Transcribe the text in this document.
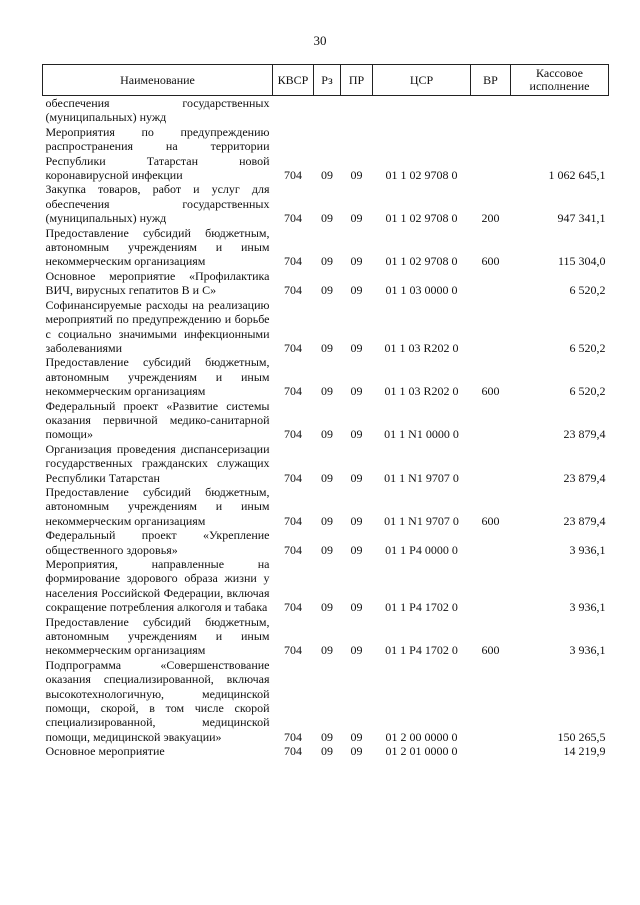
30
Наименование	КВСР	Рз	ПР	ЦСР	ВР	Кассовое исполнение
обеспечения государственных (муниципальных) нужд						
Мероприятия по предупреждению распространения на территории Республики Татарстан новой коронавирусной инфекции	704	09	09	01 1 02 9708 0		1 062 645,1
Закупка товаров, работ и услуг для обеспечения государственных (муниципальных) нужд	704	09	09	01 1 02 9708 0	200	947 341,1
Предоставление субсидий бюджетным, автономным учреждениям и иным некоммерческим организациям	704	09	09	01 1 02 9708 0	600	115 304,0
Основное мероприятие «Профилактика ВИЧ, вирусных гепатитов В и С»	704	09	09	01 1 03 0000 0		6 520,2
Софинансируемые расходы на реализацию мероприятий по предупреждению и борьбе с социально значимыми инфекционными заболеваниями	704	09	09	01 1 03 R202 0		6 520,2
Предоставление субсидий бюджетным, автономным учреждениям и иным некоммерческим организациям	704	09	09	01 1 03 R202 0	600	6 520,2
Федеральный проект «Развитие системы оказания первичной медико-санитарной помощи»	704	09	09	01 1 N1 0000 0		23 879,4
Организация проведения диспансеризации государственных гражданских служащих Республики Татарстан	704	09	09	01 1 N1 9707 0		23 879,4
Предоставление субсидий бюджетным, автономным учреждениям и иным некоммерческим организациям	704	09	09	01 1 N1 9707 0	600	23 879,4
Федеральный проект «Укрепление общественного здоровья»	704	09	09	01 1 P4 0000 0		3 936,1
Мероприятия, направленные на формирование здорового образа жизни у населения Российской Федерации, включая сокращение потребления алкоголя и табака	704	09	09	01 1 P4 1702 0		3 936,1
Предоставление субсидий бюджетным, автономным учреждениям и иным некоммерческим организациям	704	09	09	01 1 P4 1702 0	600	3 936,1
Подпрограмма «Совершенствование оказания специализированной, включая высокотехнологичную, медицинской помощи, скорой, в том числе скорой специализированной, медицинской помощи, медицинской эвакуации»	704	09	09	01 2 00 0000 0		150 265,5
Основное мероприятие	704	09	09	01 2 01 0000 0		14 219,9
